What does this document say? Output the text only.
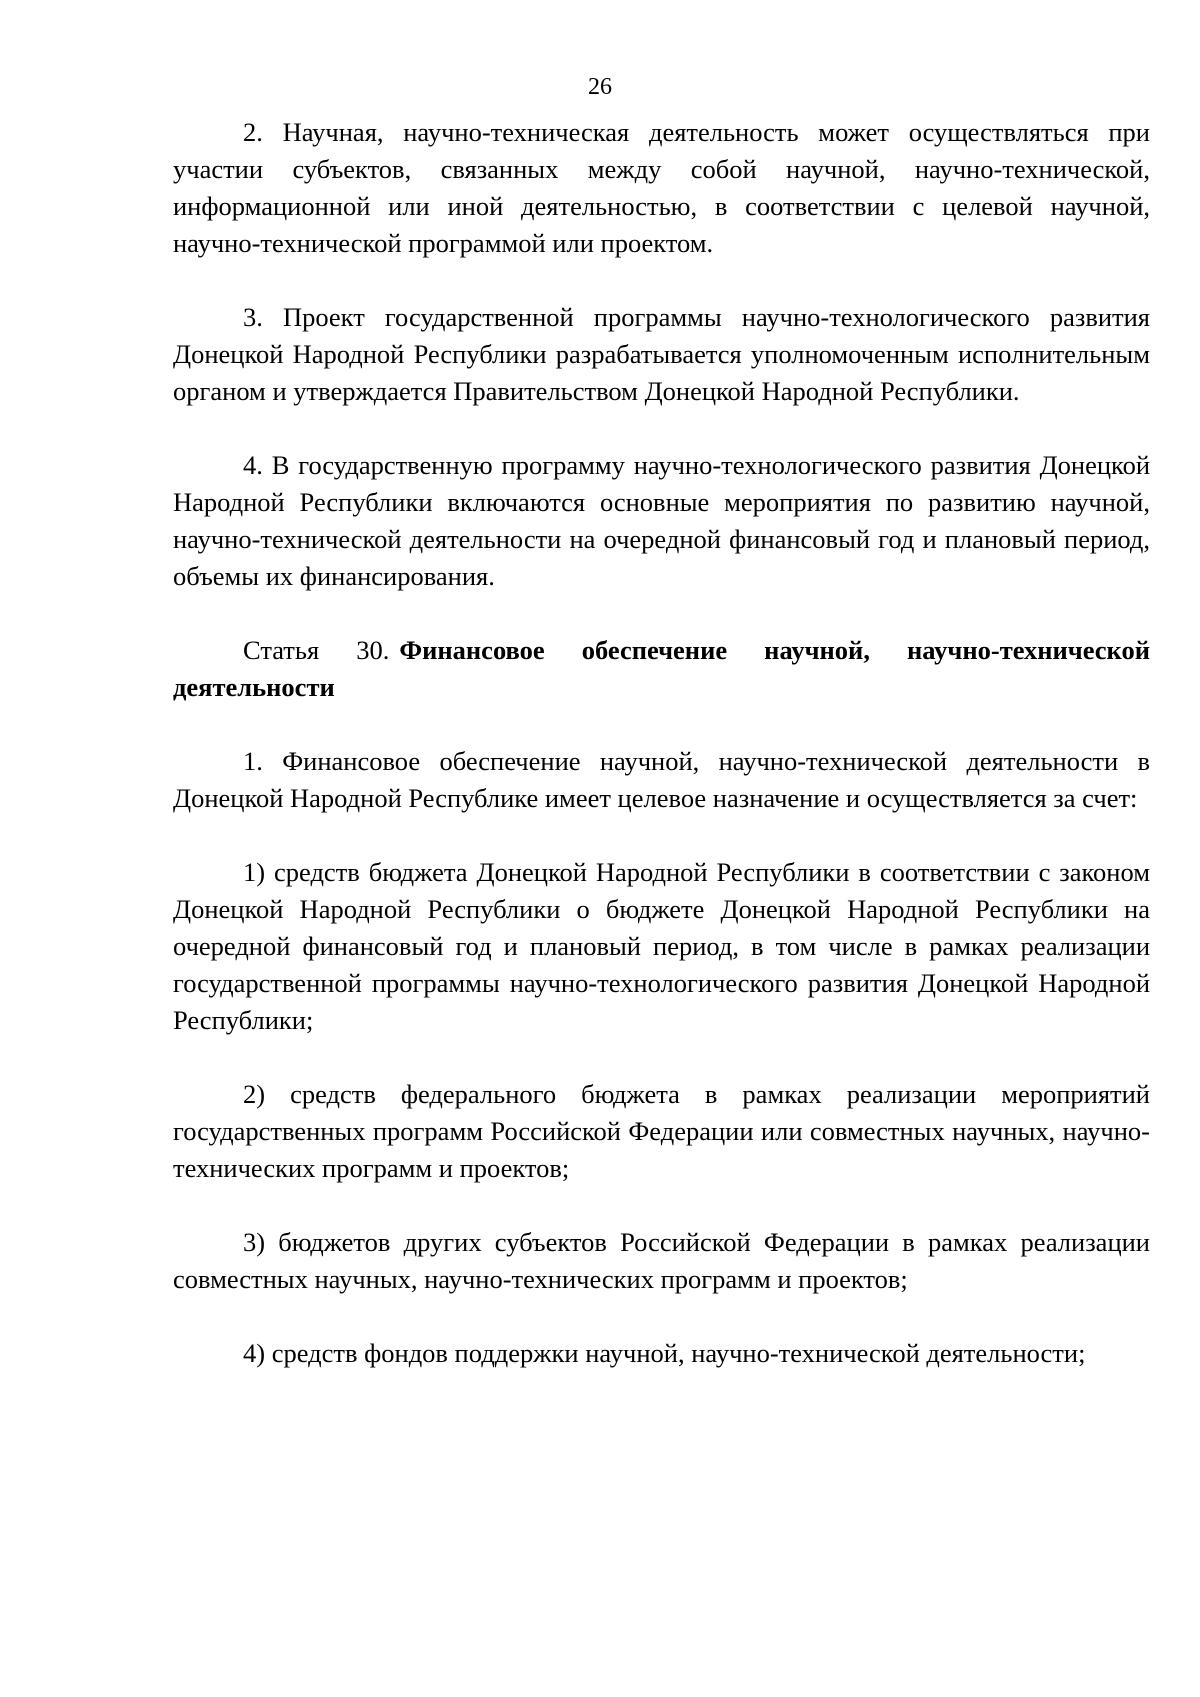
26

2. Научная, научно-техническая деятельность может осуществляться при участии субъектов, связанных между собой научной, научно-технической, информационной или иной деятельностью, в соответствии с целевой научной, научно-технической программой или проектом.

3. Проект государственной программы научно-технологического развития Донецкой Народной Республики разрабатывается уполномоченным исполнительным органом и утверждается Правительством Донецкой Народной Республики.

4. В государственную программу научно-технологического развития Донецкой Народной Республики включаются основные мероприятия по развитию научной, научно-технической деятельности на очередной финансовый год и плановый период, объемы их финансирования.

Статья 30. Финансовое обеспечение научной, научно-технической деятельности

1. Финансовое обеспечение научной, научно-технической деятельности в Донецкой Народной Республике имеет целевое назначение и осуществляется за счет:

1) средств бюджета Донецкой Народной Республики в соответствии с законом Донецкой Народной Республики о бюджете Донецкой Народной Республики на очередной финансовый год и плановый период, в том числе в рамках реализации государственной программы научно-технологического развития Донецкой Народной Республики;

2) средств федерального бюджета в рамках реализации мероприятий государственных программ Российской Федерации или совместных научных, научно-технических программ и проектов;

3) бюджетов других субъектов Российской Федерации в рамках реализации совместных научных, научно-технических программ и проектов;

4) средств фондов поддержки научной, научно-технической деятельности;
